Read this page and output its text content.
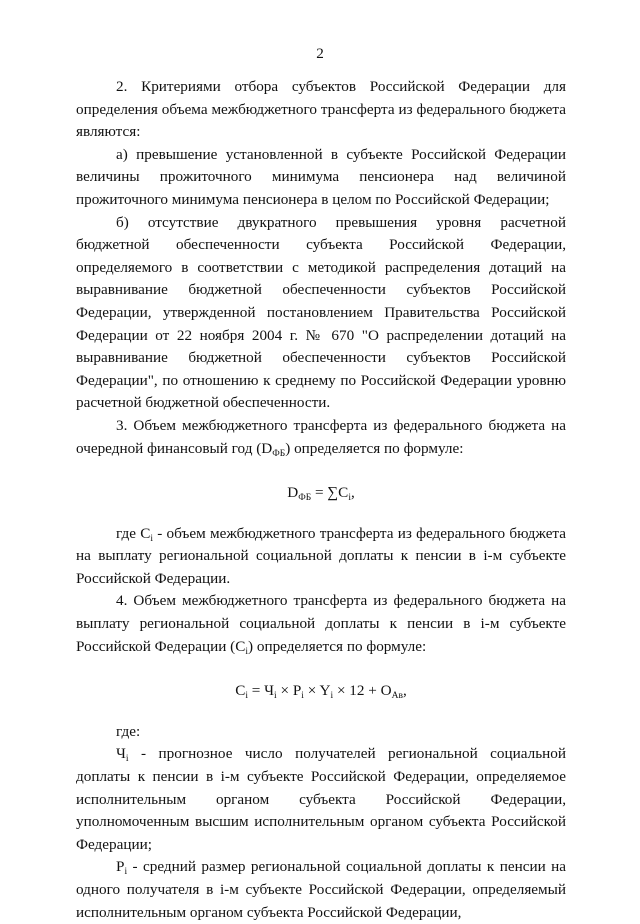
2

2. Критериями отбора субъектов Российской Федерации для определения объема межбюджетного трансферта из федерального бюджета являются:

а) превышение установленной в субъекте Российской Федерации величины прожиточного минимума пенсионера над величиной прожиточного минимума пенсионера в целом по Российской Федерации;

б) отсутствие двукратного превышения уровня расчетной бюджетной обеспеченности субъекта Российской Федерации, определяемого в соответствии с методикой распределения дотаций на выравнивание бюджетной обеспеченности субъектов Российской Федерации, утвержденной постановлением Правительства Российской Федерации от 22 ноября 2004 г. № 670 "О распределении дотаций на выравнивание бюджетной обеспеченности субъектов Российской Федерации", по отношению к среднему по Российской Федерации уровню расчетной бюджетной обеспеченности.

3. Объем межбюджетного трансферта из федерального бюджета на очередной финансовый год $(D_{ФБ})$ определяется по формуле:

$D_{ФБ} = \sum C_i$,

где $C_i$ - объем межбюджетного трансферта из федерального бюджета на выплату региональной социальной доплаты к пенсии в i-м субъекте Российской Федерации.

4. Объем межбюджетного трансферта из федерального бюджета на выплату региональной социальной доплаты к пенсии в i-м субъекте Российской Федерации $(C_i)$ определяется по формуле:

$C_i = Ч_i \times P_i \times Y_i \times 12 + O_{Ав}$,

где:

$Ч_i$ - прогнозное число получателей региональной социальной доплаты к пенсии в i-м субъекте Российской Федерации, определяемое исполнительным органом субъекта Российской Федерации, уполномоченным высшим исполнительным органом субъекта Российской Федерации;

$P_i$ - средний размер региональной социальной доплаты к пенсии на одного получателя в i-м субъекте Российской Федерации, определяемый исполнительным органом субъекта Российской Федерации,
